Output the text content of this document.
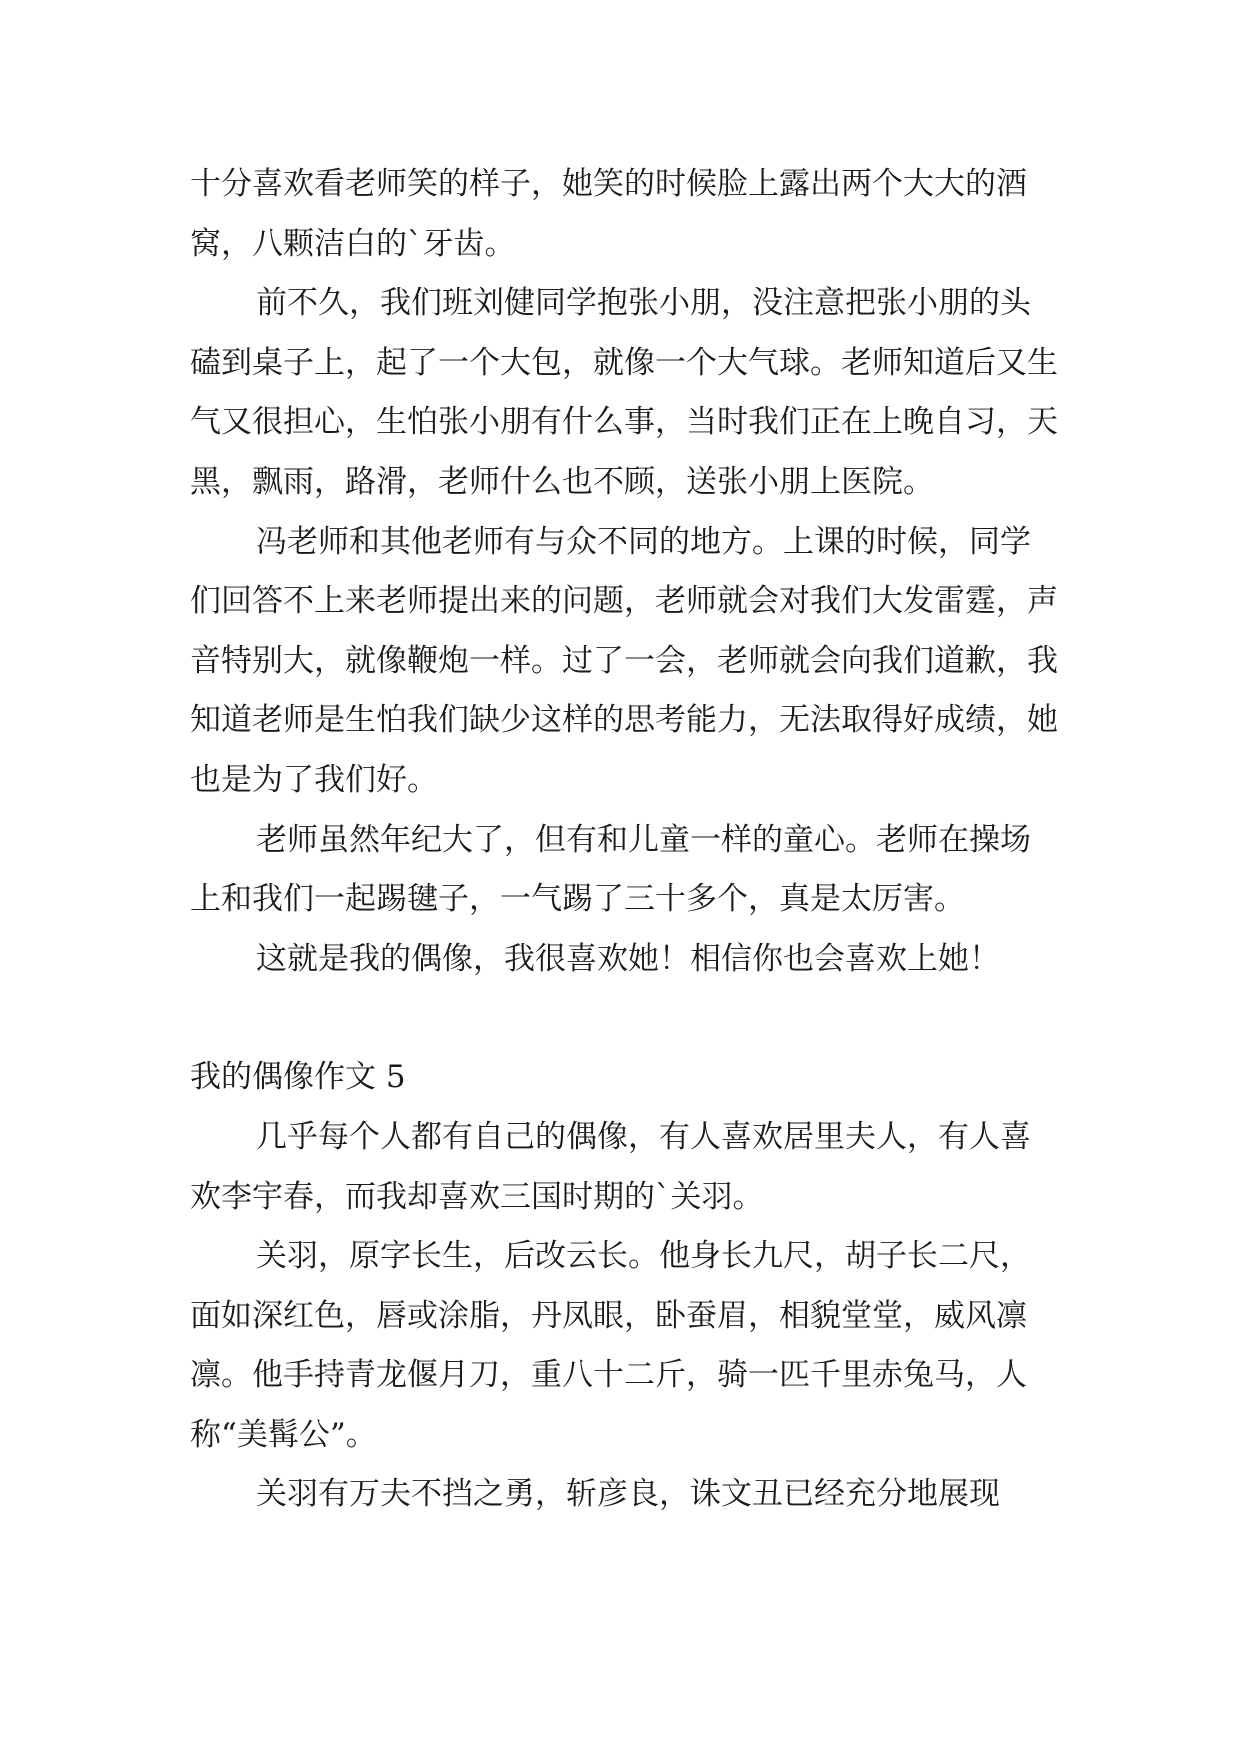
十分喜欢看老师笑的样子，她笑的时候脸上露出两个大大的酒窝，八颗洁白的`牙齿。

前不久，我们班刘健同学抱张小朋，没注意把张小朋的头磕到桌子上，起了一个大包，就像一个大气球。老师知道后又生气又很担心，生怕张小朋有什么事，当时我们正在上晚自习，天黑，飘雨，路滑，老师什么也不顾，送张小朋上医院。

冯老师和其他老师有与众不同的地方。上课的时候，同学们回答不上来老师提出来的问题，老师就会对我们大发雷霆，声音特别大，就像鞭炮一样。过了一会，老师就会向我们道歉，我知道老师是生怕我们缺少这样的思考能力，无法取得好成绩，她也是为了我们好。

老师虽然年纪大了，但有和儿童一样的童心。老师在操场上和我们一起踢毽子，一气踢了三十多个，真是太厉害。

这就是我的偶像，我很喜欢她！相信你也会喜欢上她！

我的偶像作文 5

几乎每个人都有自己的偶像，有人喜欢居里夫人，有人喜欢李宇春，而我却喜欢三国时期的`关羽。

关羽，原字长生，后改云长。他身长九尺，胡子长二尺，面如深红色，唇或涂脂，丹凤眼，卧蚕眉，相貌堂堂，威风凛凛。他手持青龙偃月刀，重八十二斤，骑一匹千里赤兔马，人称“美髯公”。

关羽有万夫不挡之勇，斩彦良，诛文丑已经充分地展现
